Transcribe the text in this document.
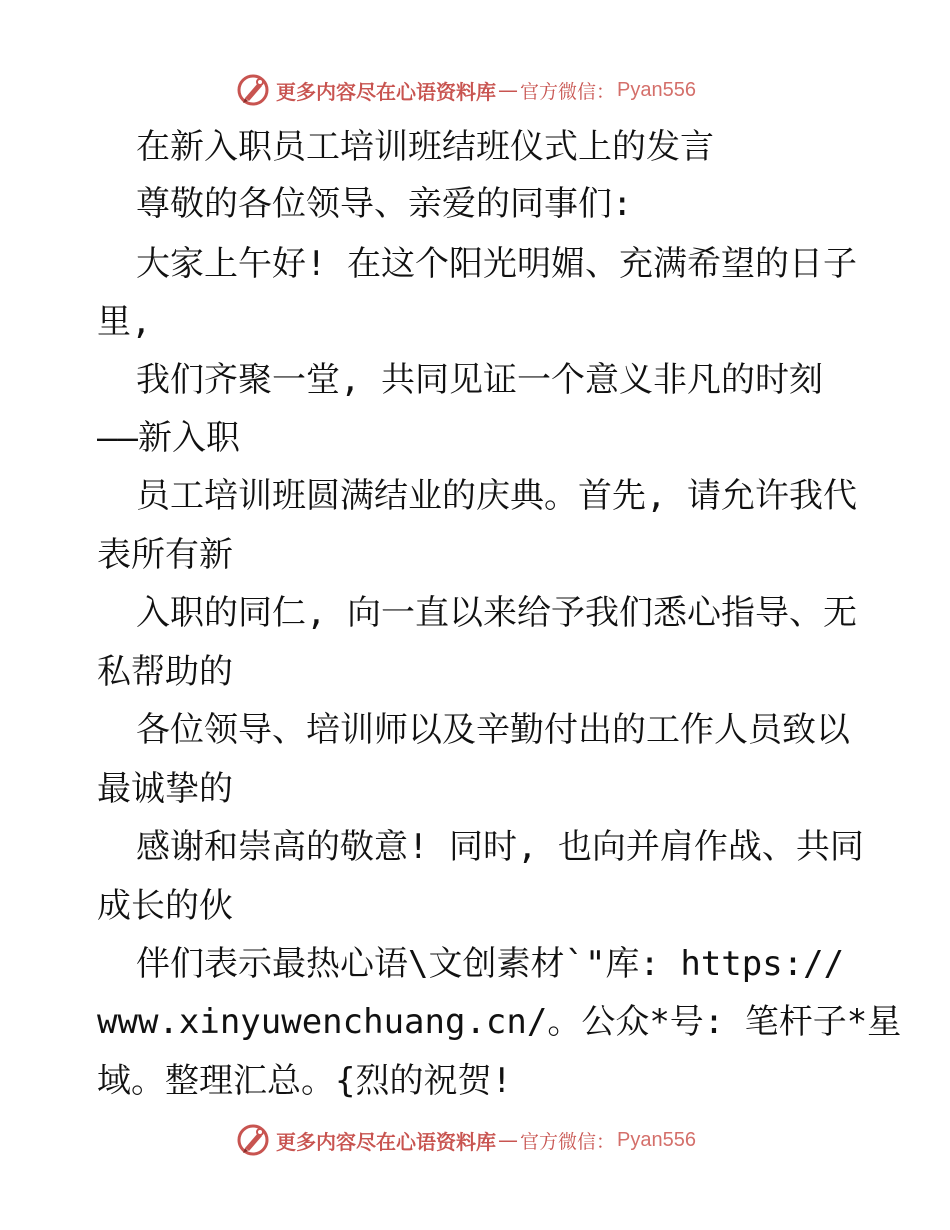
更多内容尽在心语资料库 — 官方微信： Pyan556

在新入职员工培训班结班仪式上的发言

尊敬的各位领导、亲爱的同事们:

大家上午好! 在这个阳光明媚、充满希望的日子

里,

我们齐聚一堂, 共同见证一个意义非凡的时刻

——新入职

员工培训班圆满结业的庆典。首先, 请允许我代

表所有新

入职的同仁, 向一直以来给予我们悉心指导、无

私帮助的

各位领导、培训师以及辛勤付出的工作人员致以

最诚挚的

感谢和崇高的敬意! 同时, 也向并肩作战、共同

成长的伙

伴们表示最热心语\文创素材`"库: https://

www.xinyuwenchuang.cn/。公众*号: 笔杆子*星

域。整理汇总。{烈的祝贺!

更多内容尽在心语资料库 — 官方微信： Pyan556
